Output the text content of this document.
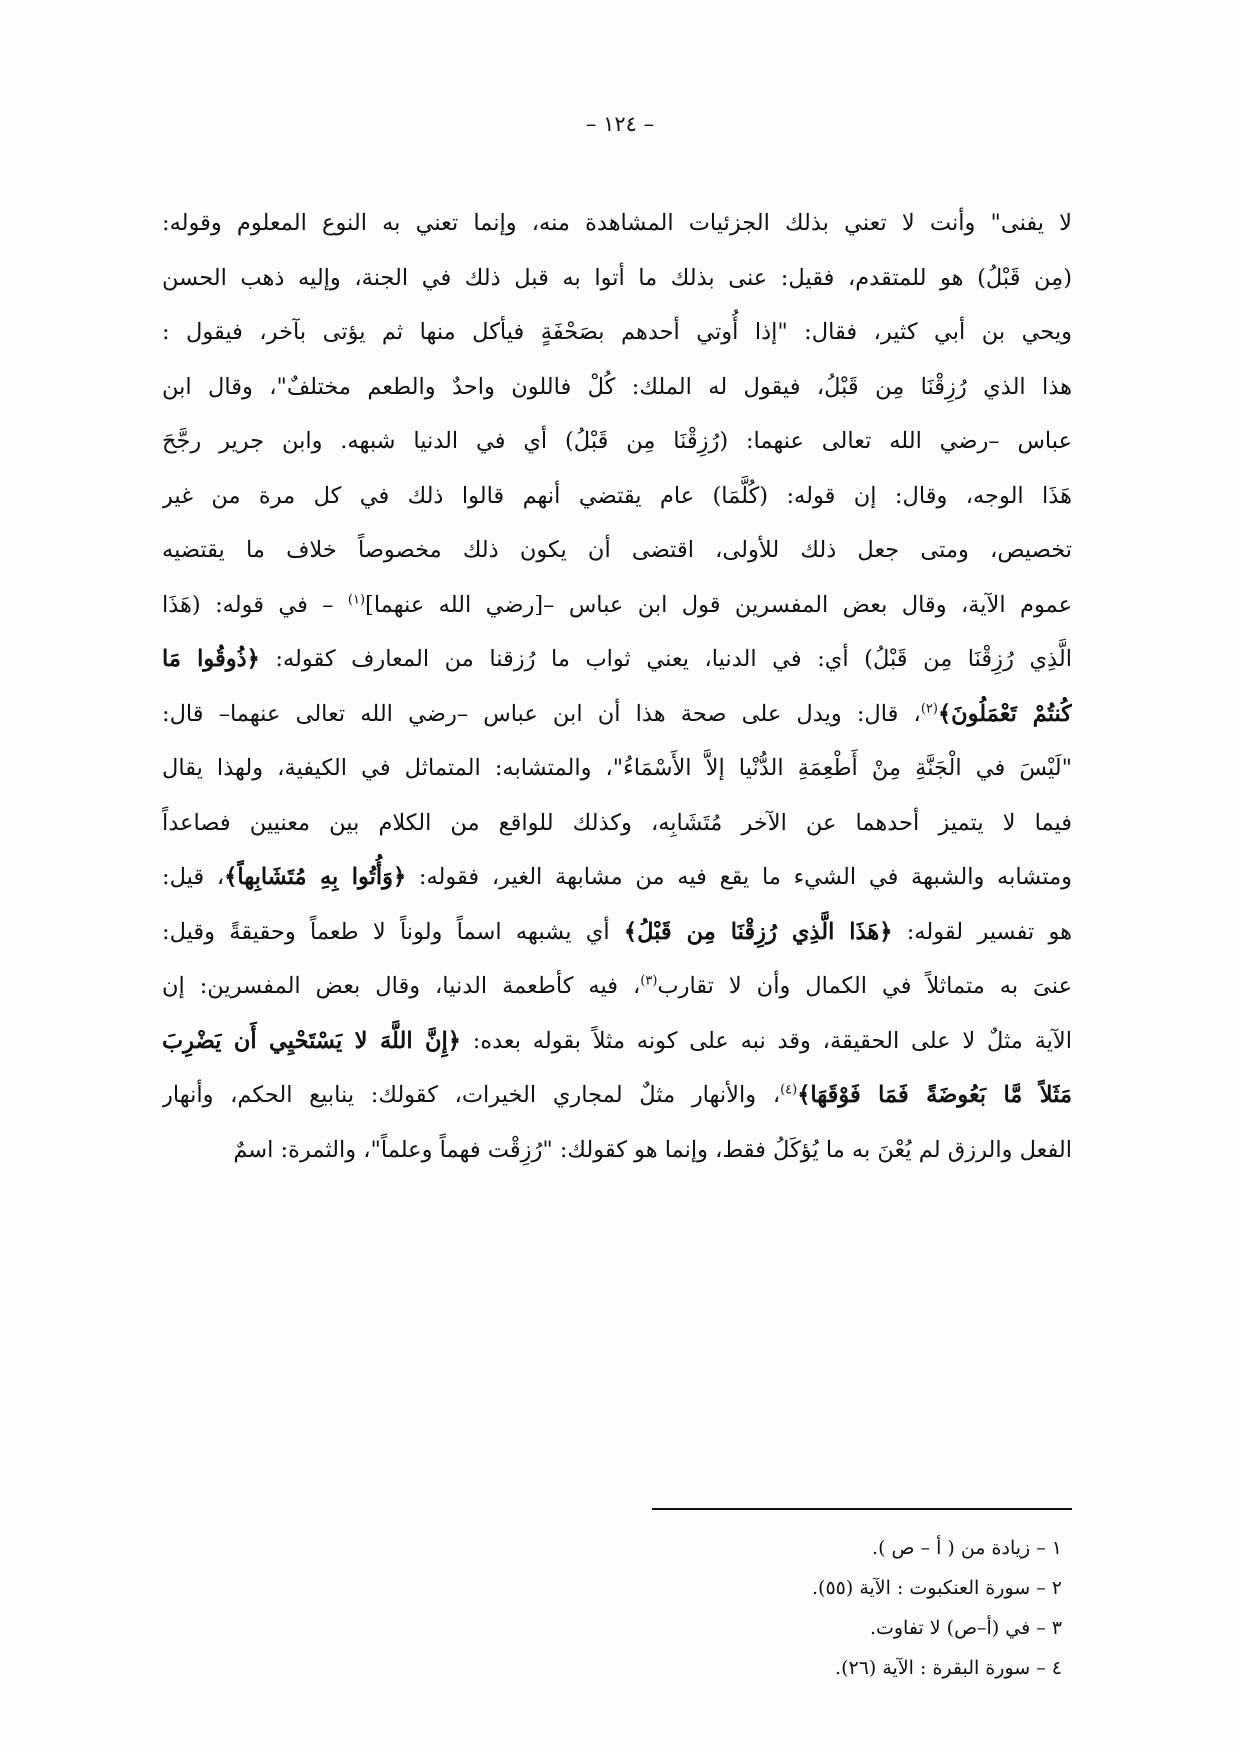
– ١٢٤ –
لا يفنى" وأنت لا تعني بذلك الجزئيات المشاهدة منه، وإنما تعني به النوع المعلوم وقوله:
(مِن قَبْلُ) هو للمتقدم، فقيل: عنى بذلك ما أتوا به قبل ذلك في الجنة، وإليه ذهب الحسن
ويحي بن أبي كثير، فقال: "إذا أُوتي أحدهم بصَحْفَةٍ فيأكل منها ثم يؤتى بآخر، فيقول :
هذا الذي رُزِقْنَا مِن قَبْلُ، فيقول له الملك: كُلْ فاللون واحدٌ والطعم مختلفٌ"، وقال ابن
عباس –رضي الله تعالى عنهما: (رُزِقْنَا مِن قَبْلُ) أي في الدنيا شبهه. وابن جرير رجَّحَ
هَذَا الوجه، وقال: إن قوله: (كُلَّمَا) عام يقتضي أنهم قالوا ذلك في كل مرة من غير
تخصيص، ومتى جعل ذلك للأولى، اقتضى أن يكون ذلك مخصوصاً خلاف ما يقتضيه
عموم الآية، وقال بعض المفسرين قول ابن عباس –[رضي الله عنهما]$^{(١)}$ – في قوله: (هَذَا
الَّذِي رُزِقْنَا مِن قَبْلُ) أي: في الدنيا، يعني ثواب ما رُزقنا من المعارف كقوله: ﴿ذُوقُوا مَا
كُنتُمْ تَعْمَلُونَ﴾$^{(٢)}$، قال: ويدل على صحة هذا أن ابن عباس –رضي الله تعالى عنهما– قال:
"لَيْسَ في الْجَنَّةِ مِنْ أَطْعِمَةِ الدُّنْيا إلاَّ الأَسْمَاءُ"، والمتشابه: المتماثل في الكيفية، ولهذا يقال
فيما لا يتميز أحدهما عن الآخر مُتَشَابِه، وكذلك للواقع من الكلام بين معنيين فصاعداً
ومتشابه والشبهة في الشيء ما يقع فيه من مشابهة الغير، فقوله: ﴿وَأُتُوا بِهِ مُتَشَابِهاً﴾، قيل:
هو تفسير لقوله: ﴿هَذَا الَّذِي رُزِقْنَا مِن قَبْلُ﴾ أي يشبهه اسماً ولوناً لا طعماً وحقيقةً وقيل:
عنىَ به متماثلاً في الكمال وأن لا تقارب$^{(٣)}$، فيه كأطعمة الدنيا، وقال بعض المفسرين: إن
الآية مثلٌ لا على الحقيقة، وقد نبه على كونه مثلاً بقوله بعده: ﴿إِنَّ اللَّهَ لا يَسْتَحْيِي أَن يَضْرِبَ
مَثَلاً مَّا بَعُوضَةً فَمَا فَوْقَهَا﴾$^{(٤)}$، والأنهار مثلٌ لمجاري الخيرات، كقولك: ينابيع الحكم، وأنهار
الفعل والرزق لم يُعْنَ به ما يُؤكَلُ فقط، وإنما هو كقولك: "رُزِقْت فهماً وعلماً"، والثمرة: اسمٌ
١ – زيادة من ( أ – ص ).
٢ – سورة العنكبوت : الآية (٥٥).
٣ – في (أ–ص) لا تفاوت.
٤ – سورة البقرة : الآية (٢٦).
